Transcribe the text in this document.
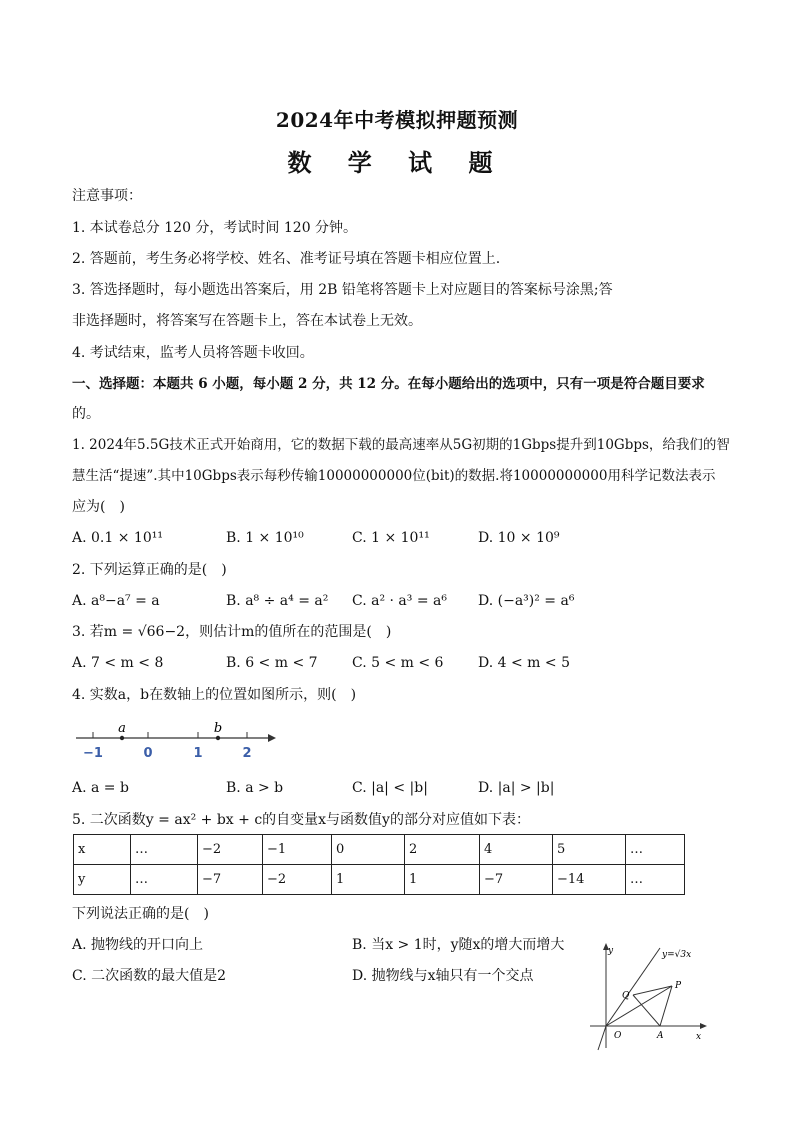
2024年中考模拟押题预测
数 学 试 题
注意事项：
1. 本试卷总分 120 分，考试时间 120 分钟。
2. 答题前，考生务必将学校、姓名、准考证号填在答题卡相应位置上.
3. 答选择题时，每小题选出答案后，用 2B 铅笔将答题卡上对应题目的答案标号涂黑;答
非选择题时，将答案写在答题卡上，答在本试卷上无效。
4. 考试结束，监考人员将答题卡收回。
一、选择题：本题共 6 小题，每小题 2 分，共 12 分。在每小题给出的选项中，只有一项是符合题目要求
的。
1. 2024年5.5G技术正式开始商用，它的数据下载的最高速率从5G初期的1Gbps提升到10Gbps，给我们的智
慧生活“提速”.其中10Gbps表示每秒传输10000000000位(bit)的数据.将10000000000用科学记数法表示
应为(　)
A. 0.1 × 10¹¹	B. 1 × 10¹⁰	C. 1 × 10¹¹	D. 10 × 10⁹
2. 下列运算正确的是(　)
A. a⁸−a⁷ = a	B. a⁸ ÷ a⁴ = a² C. a² · a³ = a⁶ D. (−a³)² = a⁶
3. 若m = √66−2，则估计m的值所在的范围是(　)
A. 7 < m < 8	B. 6 < m < 7 C. 5 < m < 6 D. 4 < m < 5
4. 实数a，b在数轴上的位置如图所示，则(　)
a	b
−1	0	1	2
A. a = b	B. a > b	C. |a| < |b|	D. |a| > |b|
5. 二次函数y = ax² + bx + c的自变量x与函数值y的部分对应值如下表：
x	…	−2	−1	0	2	4	5	…
y	…	−7	−2	1	1	−7	−14	…
下列说法正确的是(　)
A. 抛物线的开口向上	B. 当x > 1时，y随x的增大而增大
C. 二次函数的最大值是2	D. 抛物线与x轴只有一个交点
y
x
y=√3x
O	A
P
Q
